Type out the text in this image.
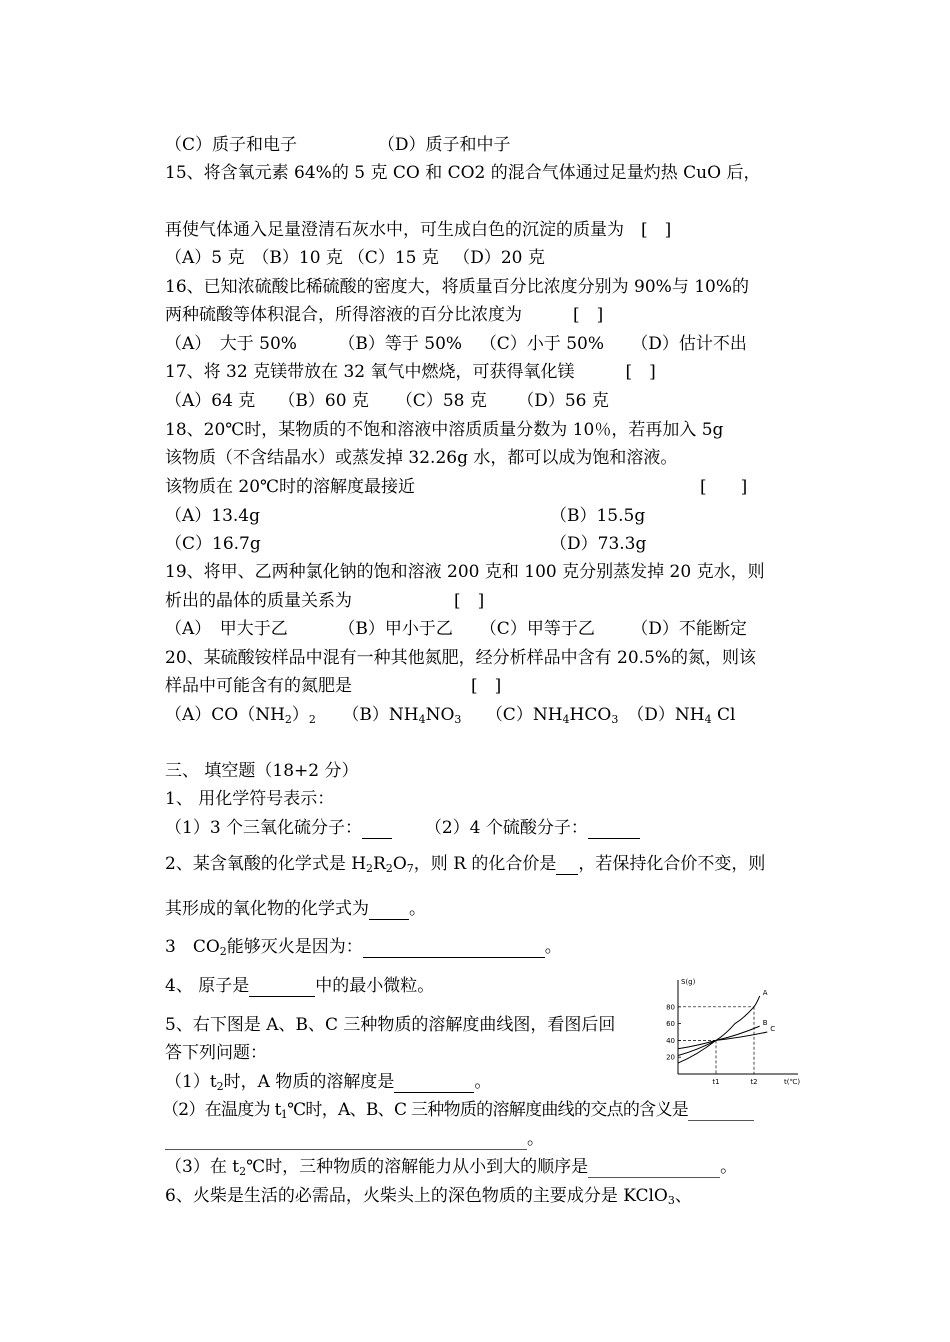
（C）质子和电子	（D）质子和中子
15、将含氧元素 64%的 5 克 CO 和 CO2 的混合气体通过足量灼热 CuO 后，
再使气体通入足量澄清石灰水中，可生成白色的沉淀的质量为　[　]
（A）5 克 （B）10 克 （C）15 克 （D）20 克
16、已知浓硫酸比稀硫酸的密度大，将质量百分比浓度分别为 90%与 10%的
两种硫酸等体积混合，所得溶液的百分比浓度为　　　[　]
（A）　大于 50% （B）等于 50% （C）小于 50% （D）估计不出
17、将 32 克镁带放在 32 氧气中燃烧，可获得氧化镁　　　[　]
（A）64 克 （B）60 克 （C）58 克 （D）56 克
18、20℃时，某物质的不饱和溶液中溶质质量分数为 10％，若再加入 5g
该物质（不含结晶水）或蒸发掉 32.26g 水，都可以成为饱和溶液。
该物质在 20℃时的溶解度最接近	[　　]
（A）13.4g	（B）15.5g
（C）16.7g	（D）73.3g
19、将甲、乙两种氯化钠的饱和溶液 200 克和 100 克分别蒸发掉 20 克水，则
析出的晶体的质量关系为　　　　　　[　]
（A）　甲大于乙	（B）甲小于乙 （C）甲等于乙 （D）不能断定
20、某硫酸铵样品中混有一种其他氮肥，经分析样品中含有 20.5%的氮，则该
样品中可能含有的氮肥是　　　　　　　[　]
$(A)CO(NH_2)_2$ $(B)NH_4NO_3$ $(C)NH_4HCO_3$ $(D)NH_4$ Cl
三、 填空题（18+2 分）
1、 用化学符号表示：
（1）3 个三氧化硫分子：	（2）4 个硫酸分子：
2、某含氧酸的化学式是 $H_2R_2O_7$，则 R 的化合价是 ，若保持化合价不变，则
其形成的氧化物的化学式为 。
3　$CO_2$能够灭火是因为：	。
4、 原子是	中的最小微粒。
5、右下图是 A、B、C 三种物质的溶解度曲线图，看图后回
答下列问题：
$(1)t_2$时，A 物质的溶解度是	。
（2）在温度为 $t_1℃$时，A、B、C 三种物质的溶解度曲线的交点的含义是
。
（3）在 $t_2℃$时，三种物质的溶解能力从小到大的顺序是	。
6、火柴是生活的必需品，火柴头上的深色物质的主要成分是 KClO$_3$、
S(g)
t(℃)
20
40
60
80
t1	t2
A
B
C
